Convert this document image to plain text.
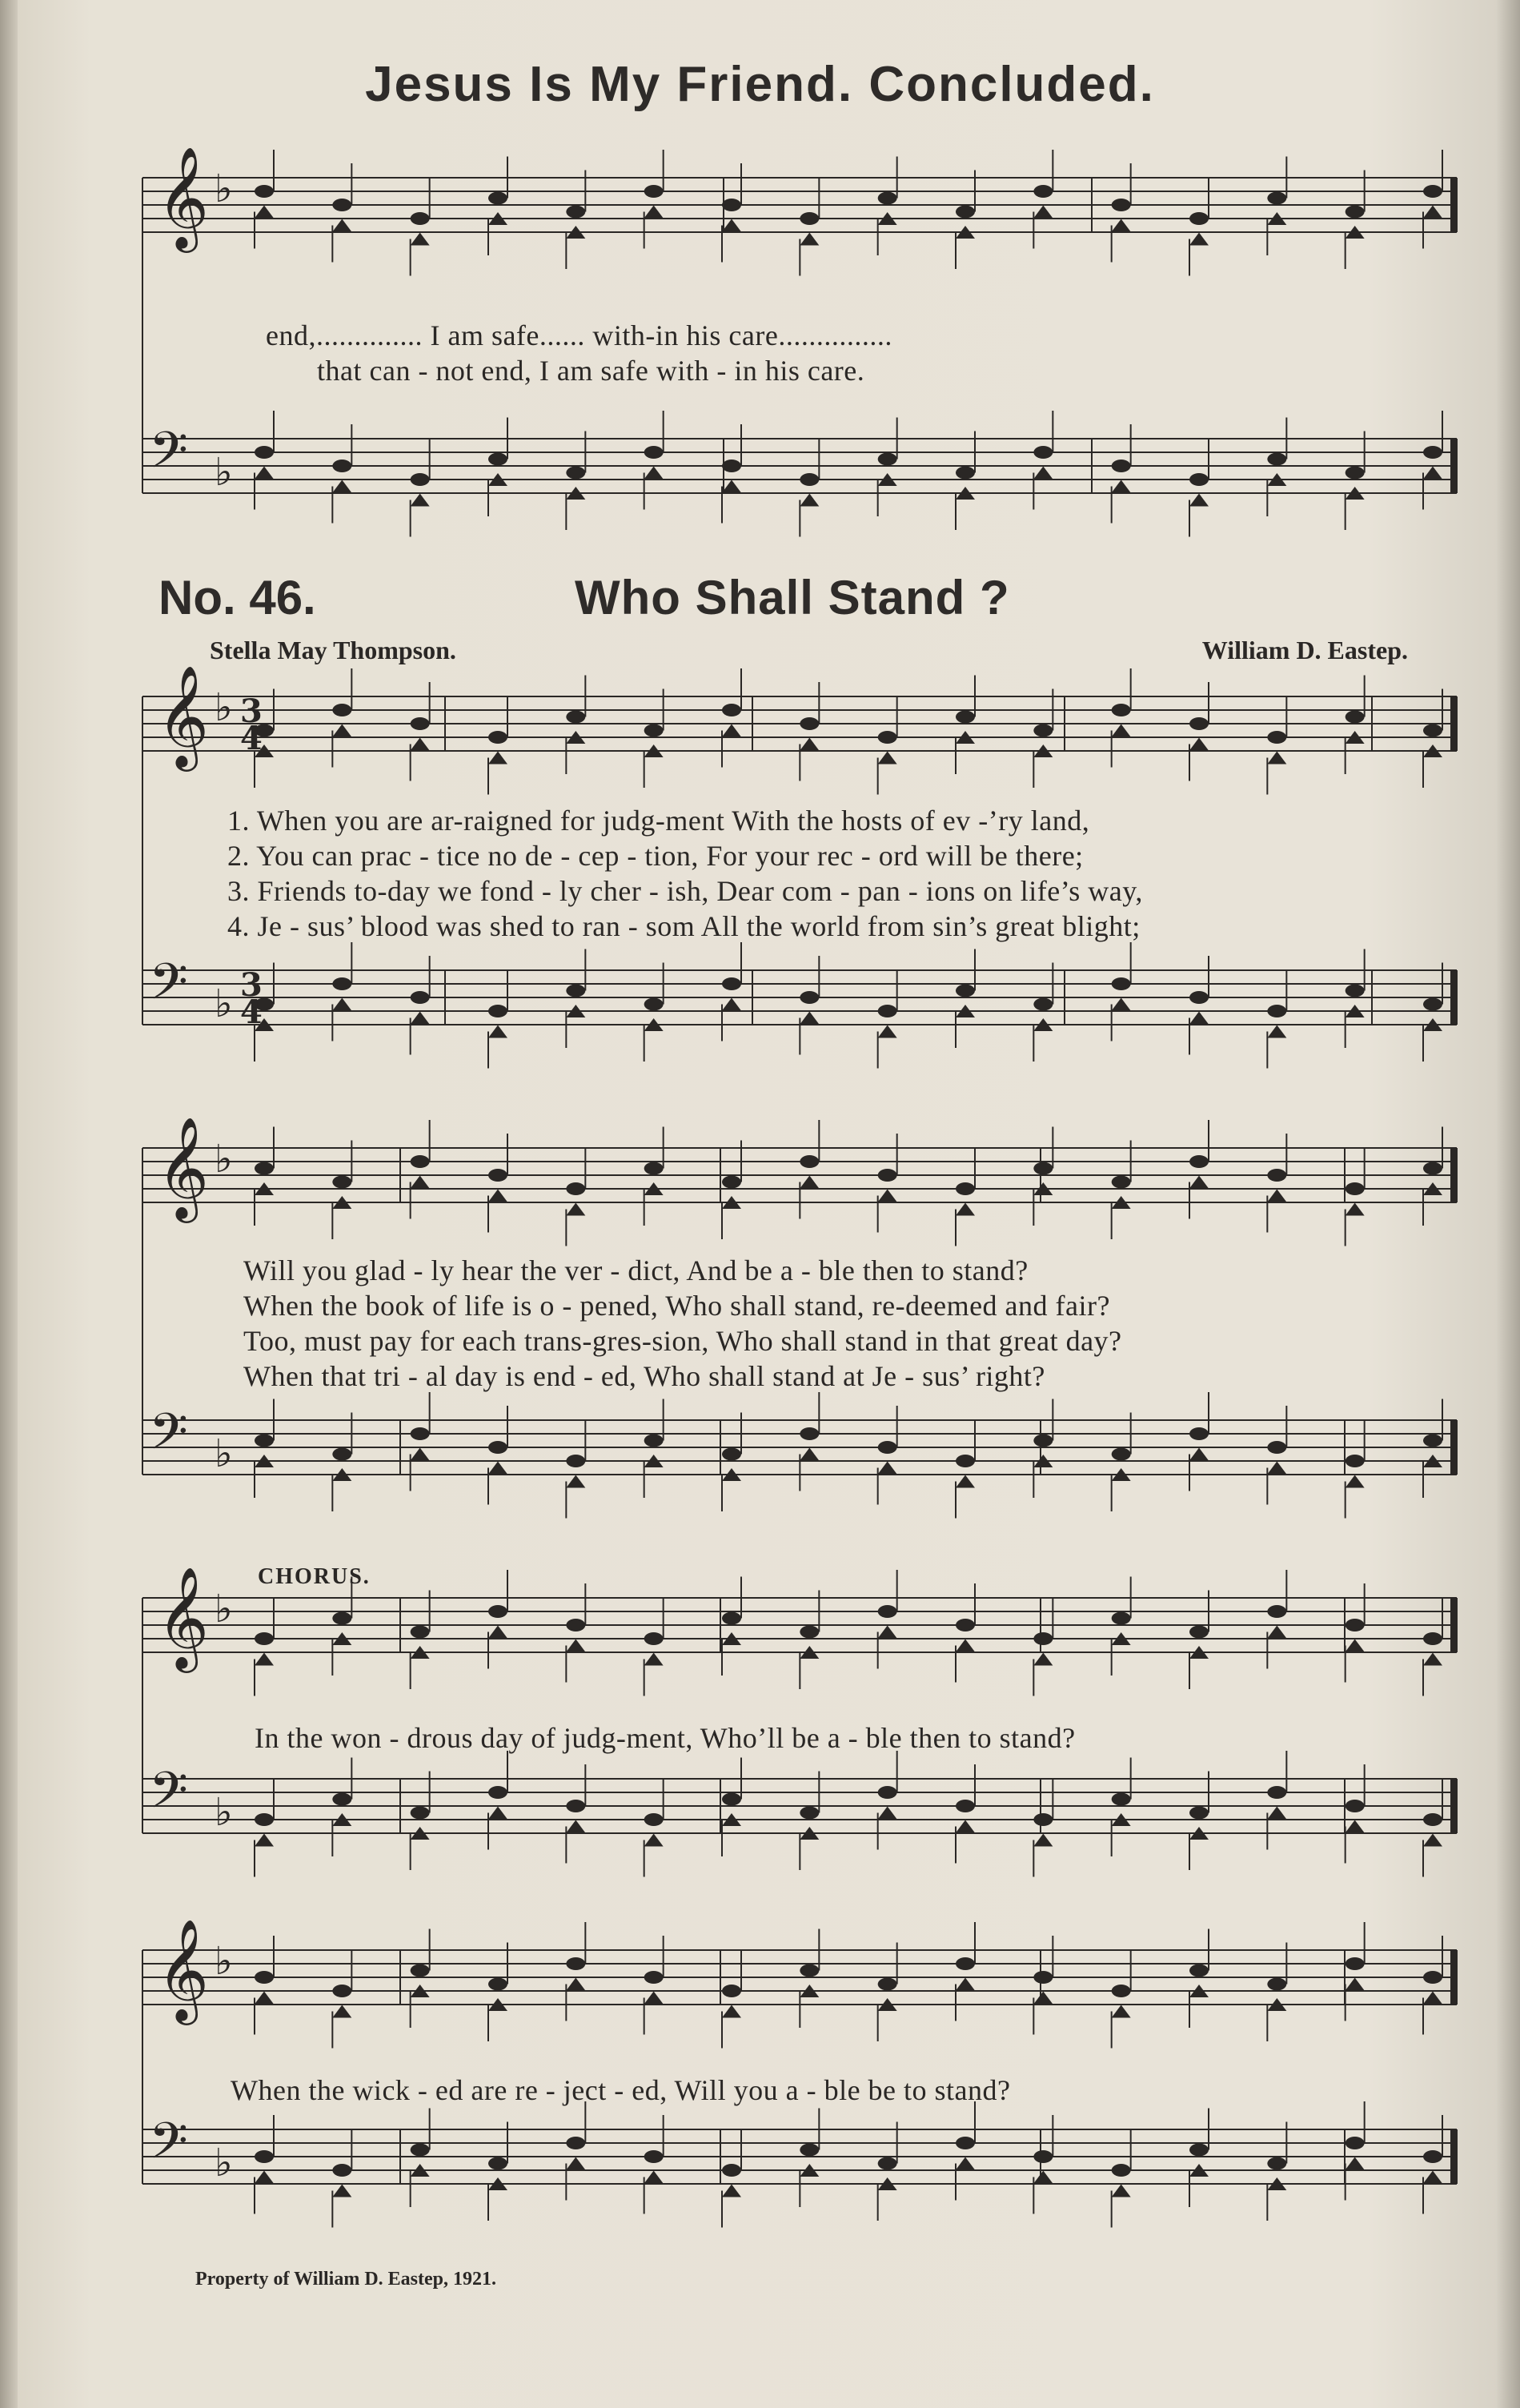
Jesus Is My Friend. Concluded.
𝄞
𝄢
♭
♭
𝄞
𝄢
♭
♭
𝄞
𝄢
♭
♭
𝄞
𝄢
♭
♭
𝄞
𝄢
♭
♭
3
4
3
4
end,.............. I am safe...... with-in his care...............
that can - not end, I am safe with - in his care.
No. 46.	Who Shall Stand ?
Stella May Thompson.	William D. Eastep.
1. When you are ar-raigned for judg-ment With the hosts of ev -’ry land,
2. You can prac - tice no de - cep - tion, For your rec - ord will be there;
3. Friends to-day we fond - ly cher - ish, Dear com - pan - ions on life’s way,
4. Je - sus’ blood was shed to ran - som All the world from sin’s great blight;
Will you glad - ly hear the ver - dict, And be a - ble then to stand?
When the book of life is o - pened, Who shall stand, re-deemed and fair?
Too, must pay for each trans-gres-sion, Who shall stand in that great day?
When that tri - al day is end - ed, Who shall stand at Je - sus’ right?
CHORUS.
In the won - drous day of judg-ment, Who’ll be a - ble then to stand?
When the wick - ed are re - ject - ed, Will you a - ble be to stand?
Property of William D. Eastep, 1921.
